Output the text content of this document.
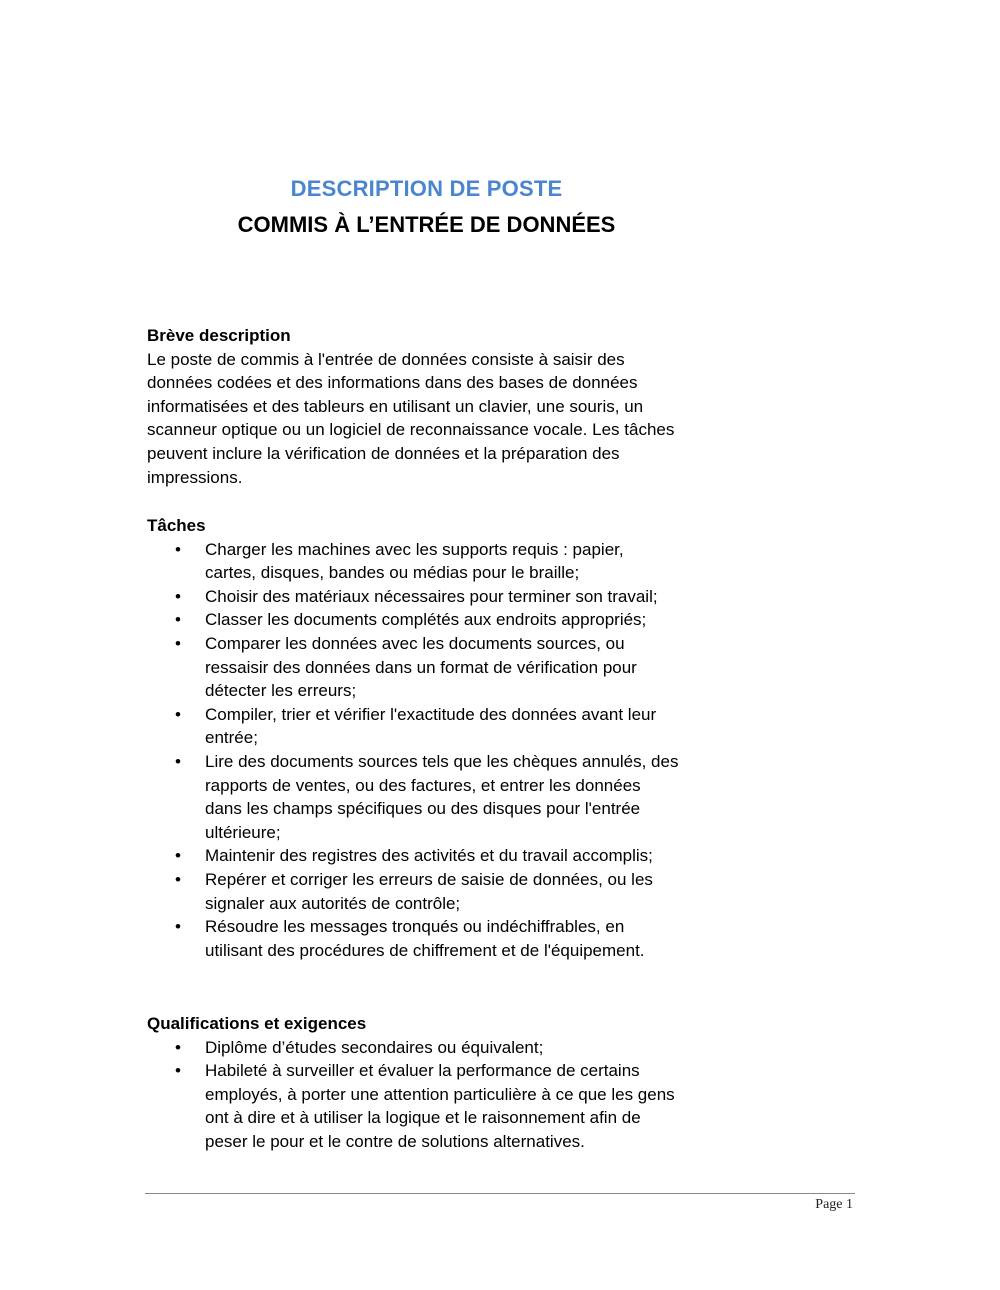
DESCRIPTION DE POSTE
COMMIS À L’ENTRÉE DE DONNÉES
Brève description
Le poste de commis à l'entrée de données consiste à saisir des
données codées et des informations dans des bases de données
informatisées et des tableurs en utilisant un clavier, une souris, un
scanneur optique ou un logiciel de reconnaissance vocale. Les tâches
peuvent inclure la vérification de données et la préparation des
impressions.
Tâches
• Charger les machines avec les supports requis : papier,
cartes, disques, bandes ou médias pour le braille;
• Choisir des matériaux nécessaires pour terminer son travail;
• Classer les documents complétés aux endroits appropriés;
• Comparer les données avec les documents sources, ou
ressaisir des données dans un format de vérification pour
détecter les erreurs;
• Compiler, trier et vérifier l'exactitude des données avant leur
entrée;
• Lire des documents sources tels que les chèques annulés, des
rapports de ventes, ou des factures, et entrer les données
dans les champs spécifiques ou des disques pour l'entrée
ultérieure;
• Maintenir des registres des activités et du travail accomplis;
• Repérer et corriger les erreurs de saisie de données, ou les
signaler aux autorités de contrôle;
• Résoudre les messages tronqués ou indéchiffrables, en
utilisant des procédures de chiffrement et de l'équipement.
Qualifications et exigences
• Diplôme d’études secondaires ou équivalent;
• Habileté à surveiller et évaluer la performance de certains
employés, à porter une attention particulière à ce que les gens
ont à dire et à utiliser la logique et le raisonnement afin de
peser le pour et le contre de solutions alternatives.
Page 1
